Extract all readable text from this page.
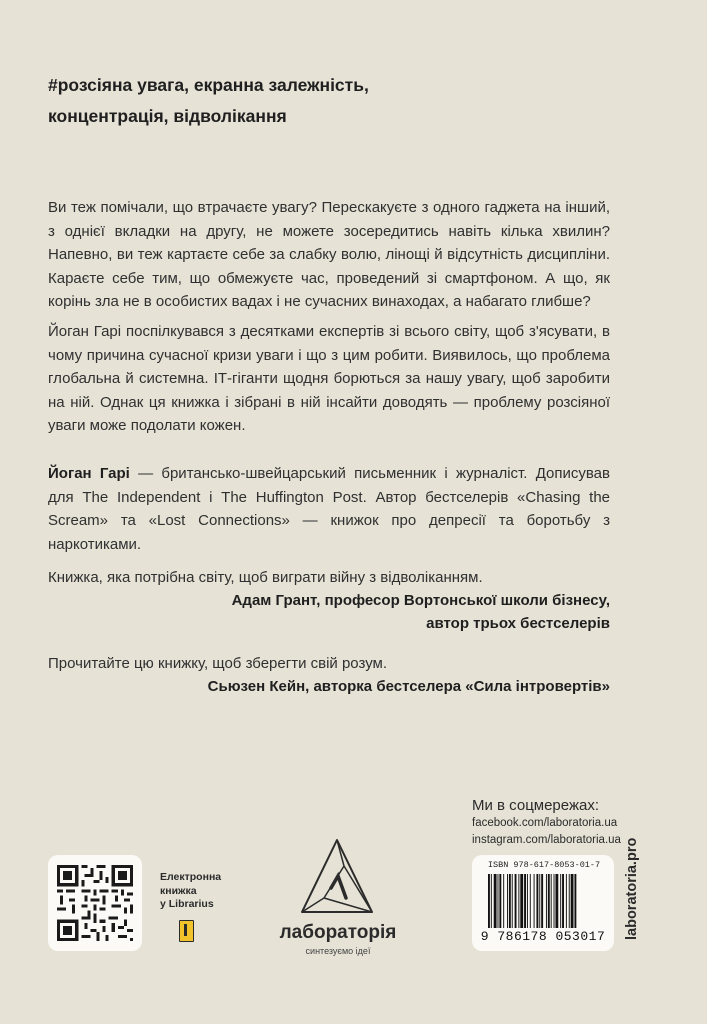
#розсіяна увага, екранна залежність,
концентрація, відволікання
Ви теж помічали, що втрачаєте увагу? Перескакуєте з одного гаджета на інший, з однієї вкладки на другу, не можете зосередитись навіть кілька хвилин? Напевно, ви теж картаєте себе за слабку волю, лінощі й відсутність дисципліни. Караєте себе тим, що обмежуєте час, проведений зі смартфоном. А що, як корінь зла не в особистих вадах і не сучасних винаходах, а набагато глибше?
Йоган Гарі поспілкувався з десятками експертів зі всього світу, щоб з'ясувати, в чому причина сучасної кризи уваги і що з цим робити. Виявилось, що проблема глобальна й системна. ІТ-гіганти щодня борються за нашу увагу, щоб заробити на ній. Однак ця книжка і зібрані в ній інсайти доводять — проблему розсіяної уваги може подолати кожен.
Йоган Гарі — британсько-швейцарський письменник і журналіст. Дописував для The Independent і The Huffington Post. Автор бестселерів «Chasing the Scream» та «Lost Connections» — книжок про депресії та боротьбу з наркотиками.
Книжка, яка потрібна світу, щоб виграти війну з відволіканням.
Адам Грант, професор Вортонської школи бізнесу,
автор трьох бестселерів
Прочитайте цю книжку, щоб зберегти свій розум.
Сьюзен Кейн, авторка бестселера «Сила інтровертів»
Ми в соцмережах:
facebook.com/laboratoria.ua
instagram.com/laboratoria.ua
Електронна
книжка
у Librarius
лабораторія
синтезуємо ідеї
ISBN 978-617-8053-01-7
9 786178 053017	laboratoria.pro
